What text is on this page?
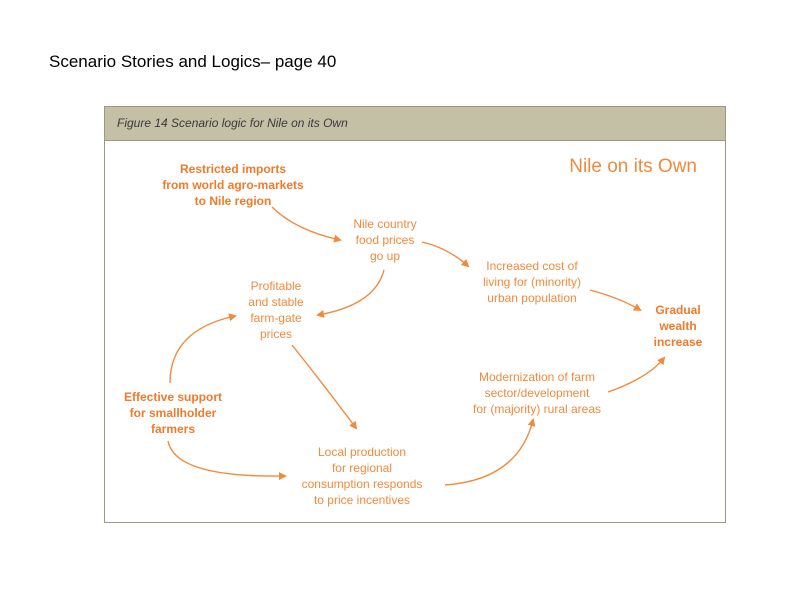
Scenario Stories and Logics– page 40
Figure 14 Scenario logic for Nile on its Own
Nile on its Own
Restricted imports
from world agro-markets
to Nile region
Nile country
food prices
go up
Increased cost of
living for (minority)
urban population
Profitable
and stable
farm-gate
prices
Gradual
wealth
increase
Effective support
for smallholder
farmers
Modernization of farm
sector/development
for (majority) rural areas
Local production
for regional
consumption responds
to price incentives
